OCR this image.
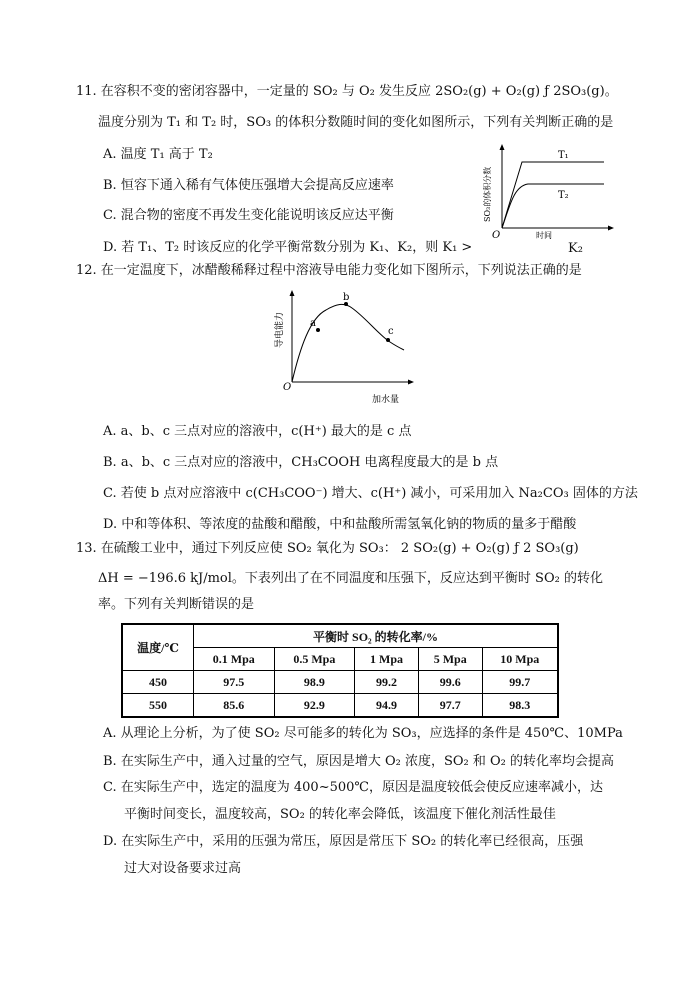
11. 在容积不变的密闭容器中，一定量的 SO₂ 与 O₂ 发生反应 2SO₂(g) + O₂(g) ƒ 2SO₃(g)。
温度分别为 T₁ 和 T₂ 时，SO₃ 的体积分数随时间的变化如图所示，下列有关判断正确的是
A. 温度 T₁ 高于 T₂
B. 恒容下通入稀有气体使压强增大会提高反应速率
C. 混合物的密度不再发生变化能说明该反应达平衡
D. 若 T₁、T₂ 时该反应的化学平衡常数分别为 K₁、K₂，则 K₁ >	K₂
T₁
T₂
O	时间
SO₃的体积分数
12. 在一定温度下，冰醋酸稀释过程中溶液导电能力变化如下图所示，下列说法正确的是
a
b
c
O
加水量
导电能力
A. a、b、c 三点对应的溶液中，c(H⁺) 最大的是 c 点
B. a、b、c 三点对应的溶液中，CH₃COOH 电离程度最大的是 b 点
C. 若使 b 点对应溶液中 c(CH₃COO⁻) 增大、c(H⁺) 减小，可采用加入 Na₂CO₃ 固体的方法
D. 中和等体积、等浓度的盐酸和醋酸，中和盐酸所需氢氧化钠的物质的量多于醋酸
13. 在硫酸工业中，通过下列反应使 SO₂ 氧化为 SO₃： 2 SO₂(g) + O₂(g) ƒ 2 SO₃(g)
ΔH = −196.6 kJ/mol。下表列出了在不同温度和压强下，反应达到平衡时 SO₂ 的转化
率。下列有关判断错误的是
温度/℃	平衡时 SO₂ 的转化率/%				
	0.1 Mpa	0.5 Mpa	1 Mpa	5 Mpa	10 Mpa
450	97.5	98.9	99.2	99.6	99.7
550	85.6	92.9	94.9	97.7	98.3
A. 从理论上分析，为了使 SO₂ 尽可能多的转化为 SO₃，应选择的条件是 450℃、10MPa
B. 在实际生产中，通入过量的空气，原因是增大 O₂ 浓度，SO₂ 和 O₂ 的转化率均会提高
C. 在实际生产中，选定的温度为 400~500℃，原因是温度较低会使反应速率减小，达
平衡时间变长，温度较高，SO₂ 的转化率会降低，该温度下催化剂活性最佳
D. 在实际生产中，采用的压强为常压，原因是常压下 SO₂ 的转化率已经很高，压强
过大对设备要求过高
